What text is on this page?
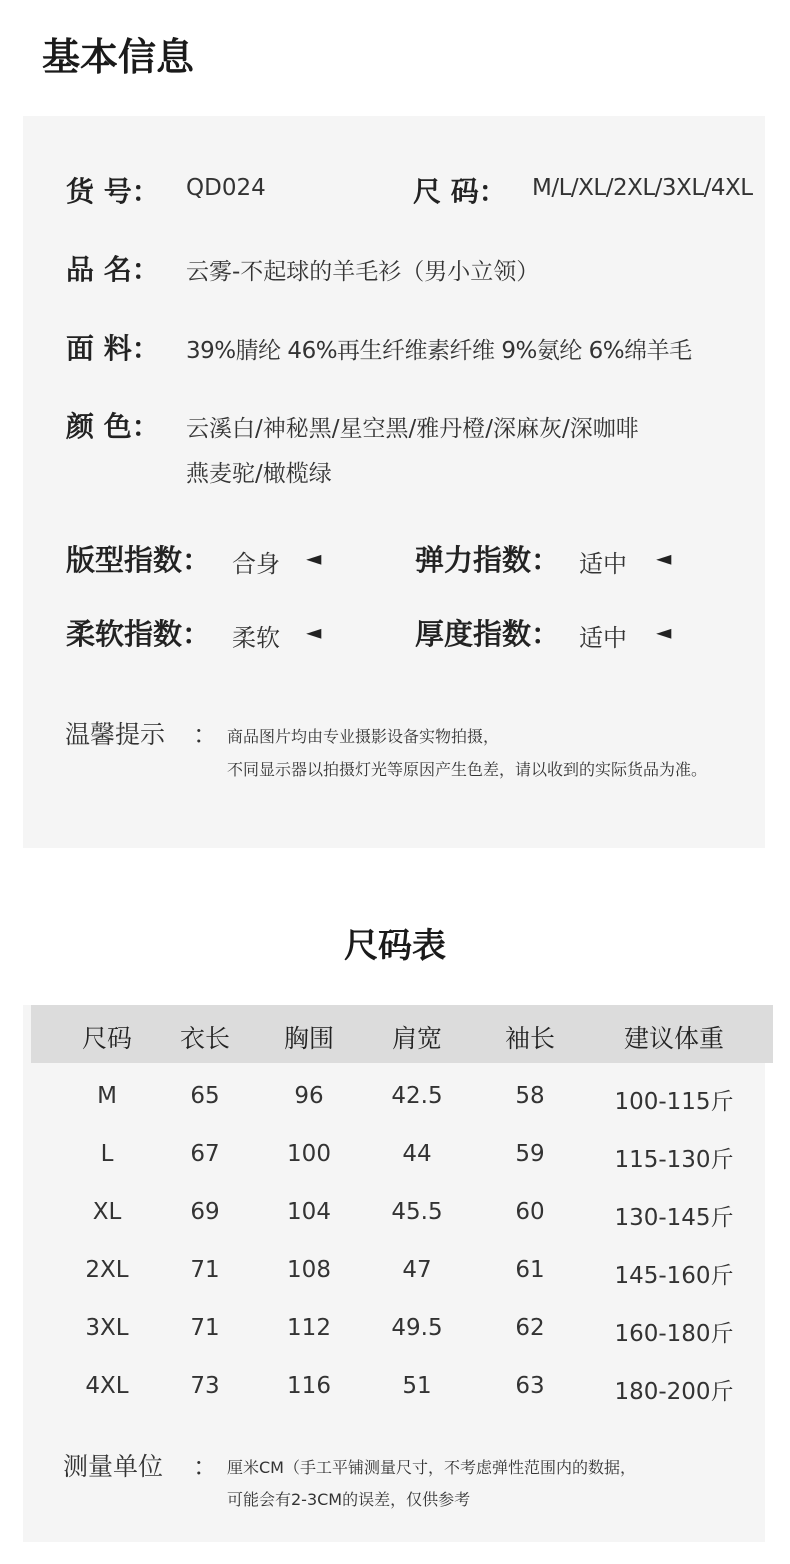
基本信息
货 号： QD024	尺 码： M/L/XL/2XL/3XL/4XL
品 名： 云雾-不起球的羊毛衫（男小立领）
面 料： 39%腈纶 46%再生纤维素纤维 9%氨纶 6%绵羊毛
颜 色： 云溪白/神秘黑/星空黑/雅丹橙/深麻灰/深咖啡
燕麦驼/橄榄绿
版型指数： 合身 ◄	弹力指数： 适中 ◄
柔软指数： 柔软 ◄	厚度指数： 适中 ◄
温馨提示 ： 商品图片均由专业摄影设备实物拍摄，
不同显示器以拍摄灯光等原因产生色差，请以收到的实际货品为准。
尺码表
尺码	衣长	胸围	肩宽	袖长	建议体重
M	65	96	42.5	58	100-115斤
L	67	100	44	59	115-130斤
XL	69	104	45.5	60	130-145斤
2XL	71	108	47	61	145-160斤
3XL	71	112	49.5	62	160-180斤
4XL	73	116	51	63	180-200斤
测量单位 ： 厘米CM（手工平铺测量尺寸，不考虑弹性范围内的数据，
可能会有2-3CM的误差，仅供参考
